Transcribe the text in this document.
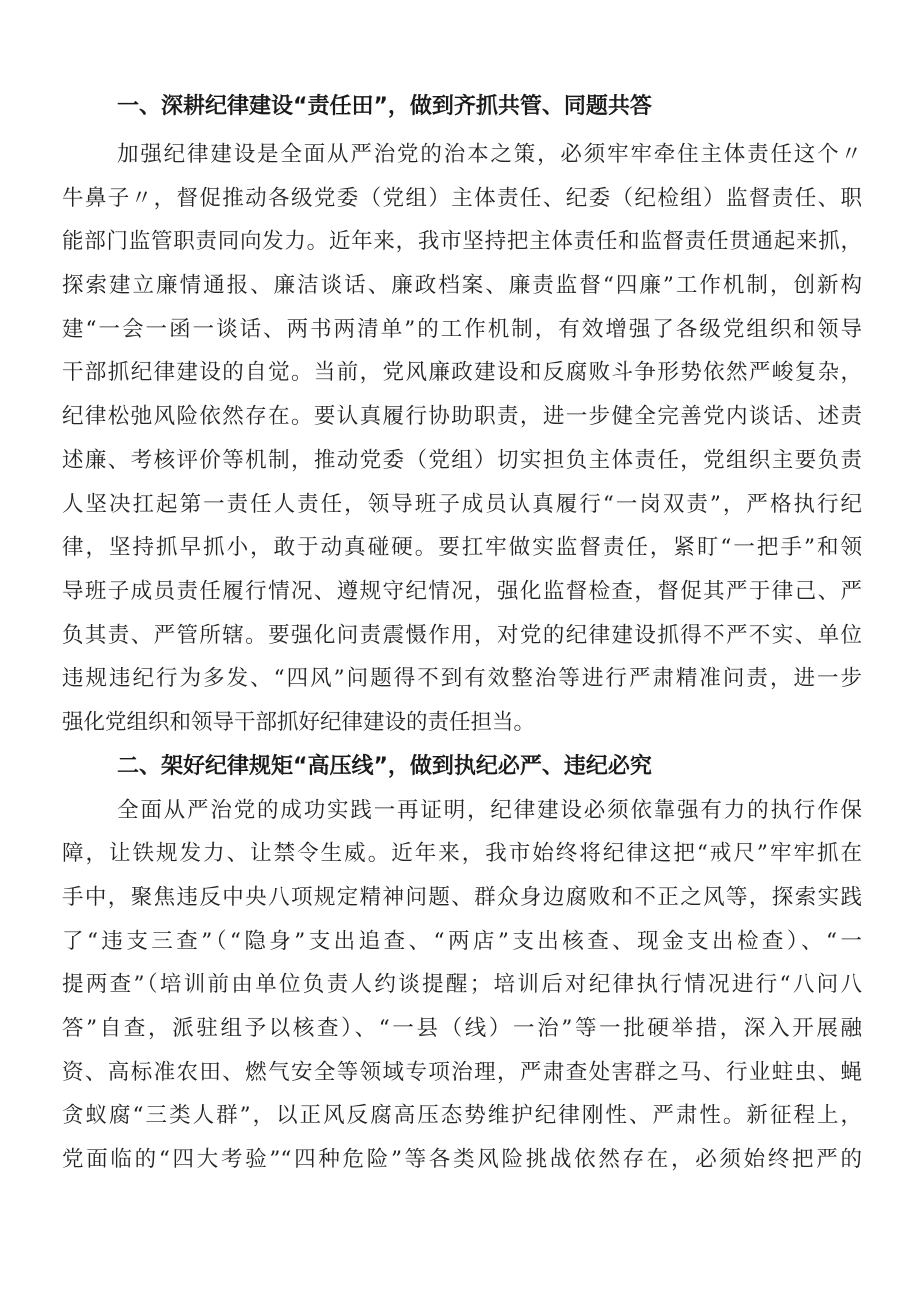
一、深耕纪律建设“责任田”，做到齐抓共管、同题共答
加强纪律建设是全面从严治党的治本之策，必须牢牢牵住主体责任这个〃
牛鼻子〃，督促推动各级党委（党组）主体责任、纪委（纪检组）监督责任、职
能部门监管职责同向发力。近年来，我市坚持把主体责任和监督责任贯通起来抓，
探索建立廉情通报、廉洁谈话、廉政档案、廉责监督“四廉”工作机制，创新构
建“一会一函一谈话、两书两清单”的工作机制，有效增强了各级党组织和领导
干部抓纪律建设的自觉。当前，党风廉政建设和反腐败斗争形势依然严峻复杂，
纪律松弛风险依然存在。要认真履行协助职责，进一步健全完善党内谈话、述责
述廉、考核评价等机制，推动党委（党组）切实担负主体责任，党组织主要负责
人坚决扛起第一责任人责任，领导班子成员认真履行“一岗双责”，严格执行纪
律，坚持抓早抓小，敢于动真碰硬。要扛牢做实监督责任，紧盯“一把手”和领
导班子成员责任履行情况、遵规守纪情况，强化监督检查，督促其严于律己、严
负其责、严管所辖。要强化问责震慑作用，对党的纪律建设抓得不严不实、单位
违规违纪行为多发、“四风”问题得不到有效整治等进行严肃精准问责，进一步
强化党组织和领导干部抓好纪律建设的责任担当。
二、架好纪律规矩“高压线”，做到执纪必严、违纪必究
全面从严治党的成功实践一再证明，纪律建设必须依靠强有力的执行作保
障，让铁规发力、让禁令生威。近年来，我市始终将纪律这把“戒尺”牢牢抓在
手中，聚焦违反中央八项规定精神问题、群众身边腐败和不正之风等，探索实践
了“违支三查”（“隐身”支出追查、“两店”支出核查、现金支出检查）、“一
提两查”（培训前由单位负责人约谈提醒；培训后对纪律执行情况进行“八问八
答”自查，派驻组予以核查）、“一县（线）一治”等一批硬举措，深入开展融
资、高标准农田、燃气安全等领域专项治理，严肃查处害群之马、行业蛀虫、蝇
贪蚁腐“三类人群”，以正风反腐高压态势维护纪律刚性、严肃性。新征程上，
党面临的“四大考验”“四种危险”等各类风险挑战依然存在，必须始终把严的
